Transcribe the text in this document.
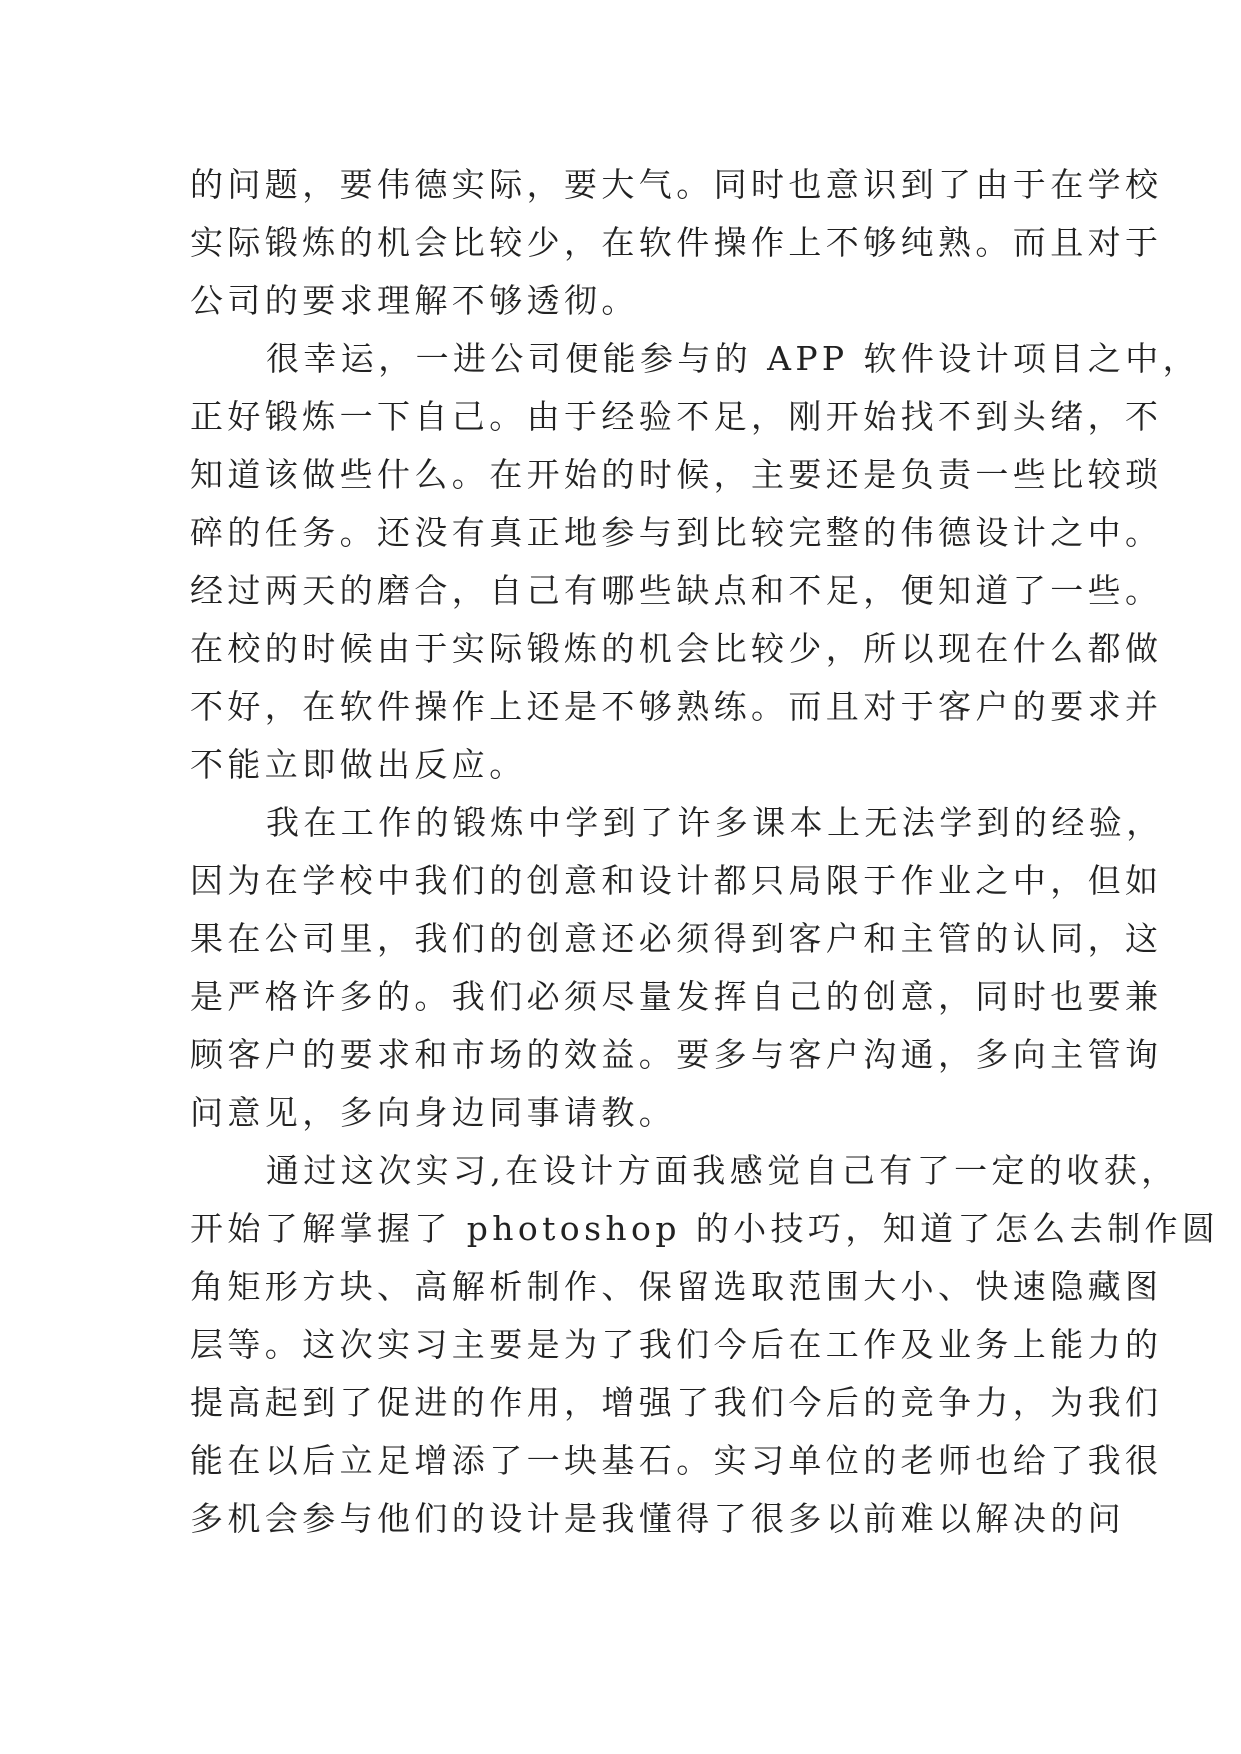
的问题，要伟德实际，要大气。同时也意识到了由于在学校
实际锻炼的机会比较少，在软件操作上不够纯熟。而且对于
公司的要求理解不够透彻。
很幸运，一进公司便能参与的 APP 软件设计项目之中，
正好锻炼一下自己。由于经验不足，刚开始找不到头绪，不
知道该做些什么。在开始的时候，主要还是负责一些比较琐
碎的任务。还没有真正地参与到比较完整的伟德设计之中。
经过两天的磨合，自己有哪些缺点和不足，便知道了一些。
在校的时候由于实际锻炼的机会比较少，所以现在什么都做
不好，在软件操作上还是不够熟练。而且对于客户的要求并
不能立即做出反应。
我在工作的锻炼中学到了许多课本上无法学到的经验，
因为在学校中我们的创意和设计都只局限于作业之中，但如
果在公司里，我们的创意还必须得到客户和主管的认同，这
是严格许多的。我们必须尽量发挥自己的创意，同时也要兼
顾客户的要求和市场的效益。要多与客户沟通，多向主管询
问意见，多向身边同事请教。
通过这次实习,在设计方面我感觉自己有了一定的收获，
开始了解掌握了 photoshop 的小技巧，知道了怎么去制作圆
角矩形方块、高解析制作、保留选取范围大小、快速隐藏图
层等。这次实习主要是为了我们今后在工作及业务上能力的
提高起到了促进的作用，增强了我们今后的竞争力，为我们
能在以后立足增添了一块基石。实习单位的老师也给了我很
多机会参与他们的设计是我懂得了很多以前难以解决的问
